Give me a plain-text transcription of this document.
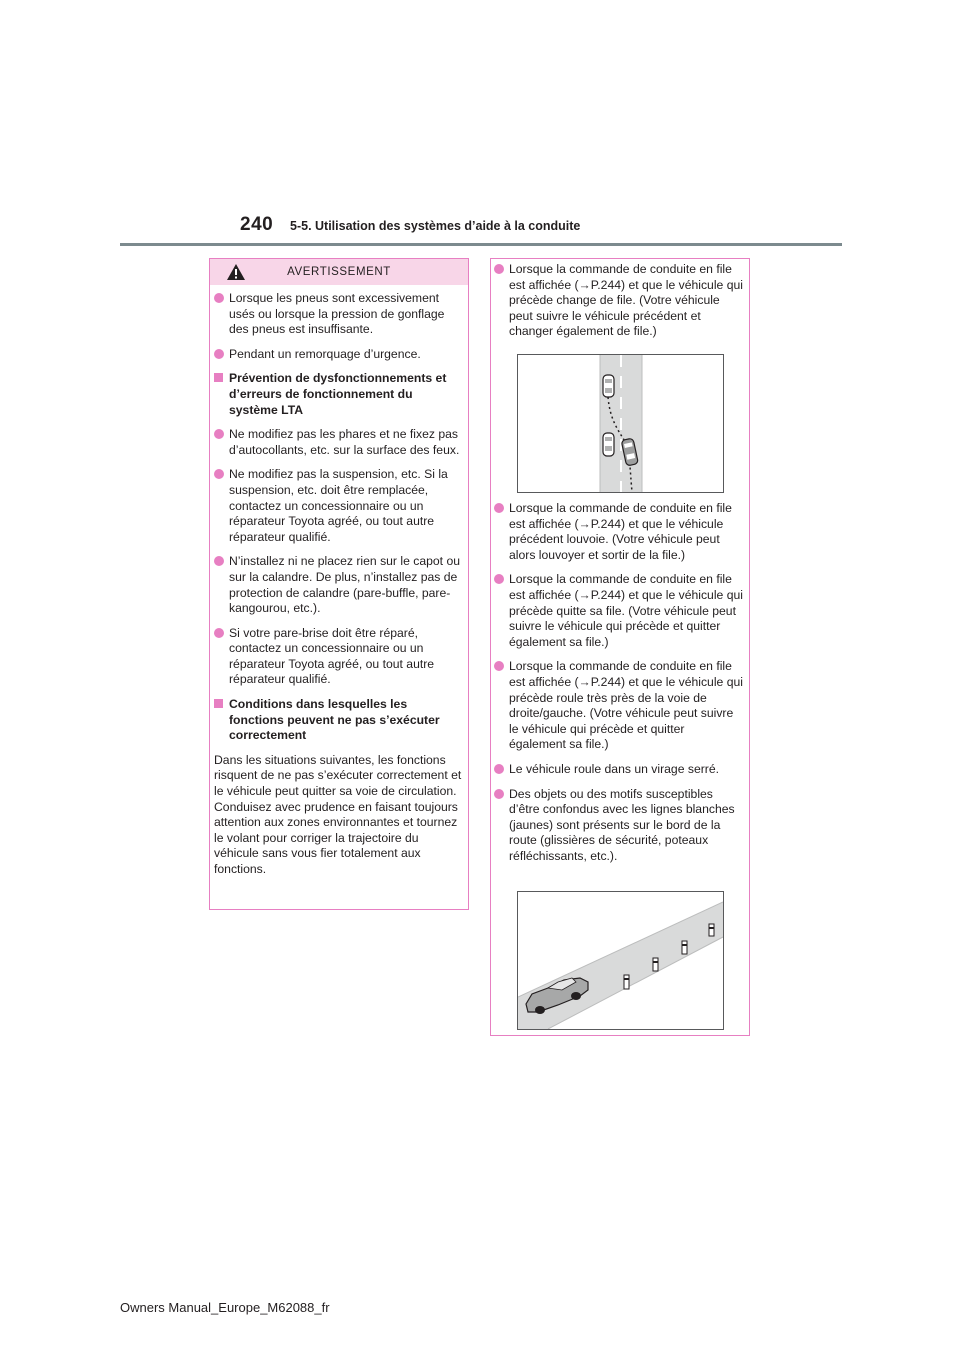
240 5-5. Utilisation des systèmes d’aide à la conduite
AVERTISSEMENT
Lorsque les pneus sont excessivement usés ou lorsque la pression de gonflage des pneus est insuffisante.
Pendant un remorquage d’urgence.
Prévention de dysfonctionnements et d’erreurs de fonctionnement du système LTA
Ne modifiez pas les phares et ne fixez pas d’autocollants, etc. sur la surface des feux.
Ne modifiez pas la suspension, etc. Si la suspension, etc. doit être remplacée, contactez un concessionnaire ou un réparateur Toyota agréé, ou tout autre réparateur qualifié.
N’installez ni ne placez rien sur le capot ou sur la calandre. De plus, n’installez pas de protection de calandre (pare-buffle, pare-kangourou, etc.).
Si votre pare-brise doit être réparé, contactez un concessionnaire ou un réparateur Toyota agréé, ou tout autre réparateur qualifié.
Conditions dans lesquelles les fonctions peuvent ne pas s’exécuter correctement
Dans les situations suivantes, les fonctions risquent de ne pas s’exécuter correctement et le véhicule peut quitter sa voie de circulation. Conduisez avec prudence en faisant toujours attention aux zones environnantes et tournez le volant pour corriger la trajectoire du véhicule sans vous fier totalement aux fonctions.
Lorsque la commande de conduite en file est affichée (→P.244) et que le véhicule qui précède change de file. (Votre véhicule peut suivre le véhicule précédent et changer également de file.)
Lorsque la commande de conduite en file est affichée (→P.244) et que le véhicule précédent louvoie. (Votre véhicule peut alors louvoyer et sortir de la file.)
Lorsque la commande de conduite en file est affichée (→P.244) et que le véhicule qui précède quitte sa file. (Votre véhicule peut suivre le véhicule qui précède et quitter également sa file.)
Lorsque la commande de conduite en file est affichée (→P.244) et que le véhicule qui précède roule très près de la voie de droite/gauche. (Votre véhicule peut suivre le véhicule qui précède et quitter également sa file.)
Le véhicule roule dans un virage serré.
Des objets ou des motifs susceptibles d’être confondus avec les lignes blanches (jaunes) sont présents sur le bord de la route (glissières de sécurité, poteaux réfléchissants, etc.).
Owners Manual_Europe_M62088_fr
